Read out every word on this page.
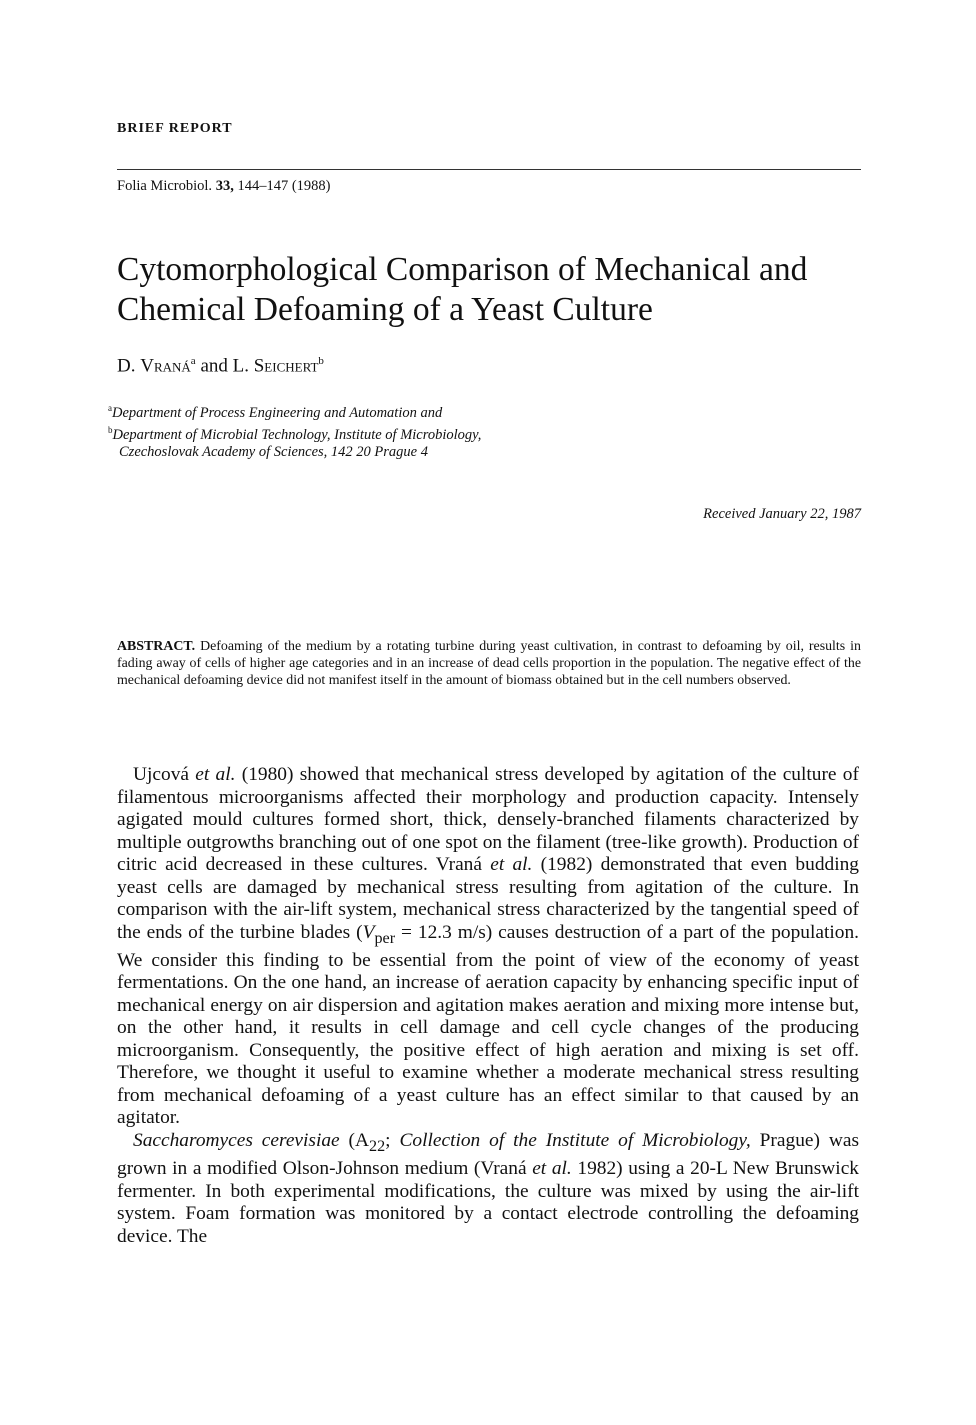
BRIEF REPORT
Folia Microbiol. 33, 144–147 (1988)
Cytomorphological Comparison of Mechanical and Chemical Defoaming of a Yeast Culture
D. Vraná$^a$ and L. Seichert$^b$
$^a$Department of Process Engineering and Automation and
$^b$Department of Microbial Technology, Institute of Microbiology,
Czechoslovak Academy of Sciences, 142 20 Prague 4
Received January 22, 1987
ABSTRACT. Defoaming of the medium by a rotating turbine during yeast cultivation, in contrast to defoaming by oil, results in fading away of cells of higher age categories and in an increase of dead cells proportion in the population. The negative effect of the mechanical defoaming device did not manifest itself in the amount of biomass obtained but in the cell numbers observed.

Ujcová et al. (1980) showed that mechanical stress developed by agitation of the culture of filamentous microorganisms affected their morphology and production capacity. Intensely agigated mould cultures formed short, thick, densely-branched filaments characterized by multiple outgrowths branching out of one spot on the filament (tree-like growth). Production of citric acid decreased in these cultures. Vraná et al. (1982) demonstrated that even budding yeast cells are damaged by mechanical stress resulting from agitation of the culture. In comparison with the air-lift system, mechanical stress characterized by the tangential speed of the ends of the turbine blades ($V_{per} = 12.3$ m/s) causes destruction of a part of the population. We consider this finding to be essential from the point of view of the economy of yeast fermentations. On the one hand, an increase of aeration capacity by enhancing specific input of mechanical energy on air dispersion and agitation makes aeration and mixing more intense but, on the other hand, it results in cell damage and cell cycle changes of the producing microorganism. Consequently, the positive effect of high aeration and mixing is set off. Therefore, we thought it useful to examine whether a moderate mechanical stress resulting from mechanical defoaming of a yeast culture has an effect similar to that caused by an agitator.

Saccharomyces cerevisiae ($A_{22}$; Collection of the Institute of Microbiology, Prague) was grown in a modified Olson-Johnson medium (Vraná et al. 1982) using a 20-L New Brunswick fermenter. In both experimental modifications, the culture was mixed by using the air-lift system. Foam formation was monitored by a contact electrode controlling the defoaming device. The
